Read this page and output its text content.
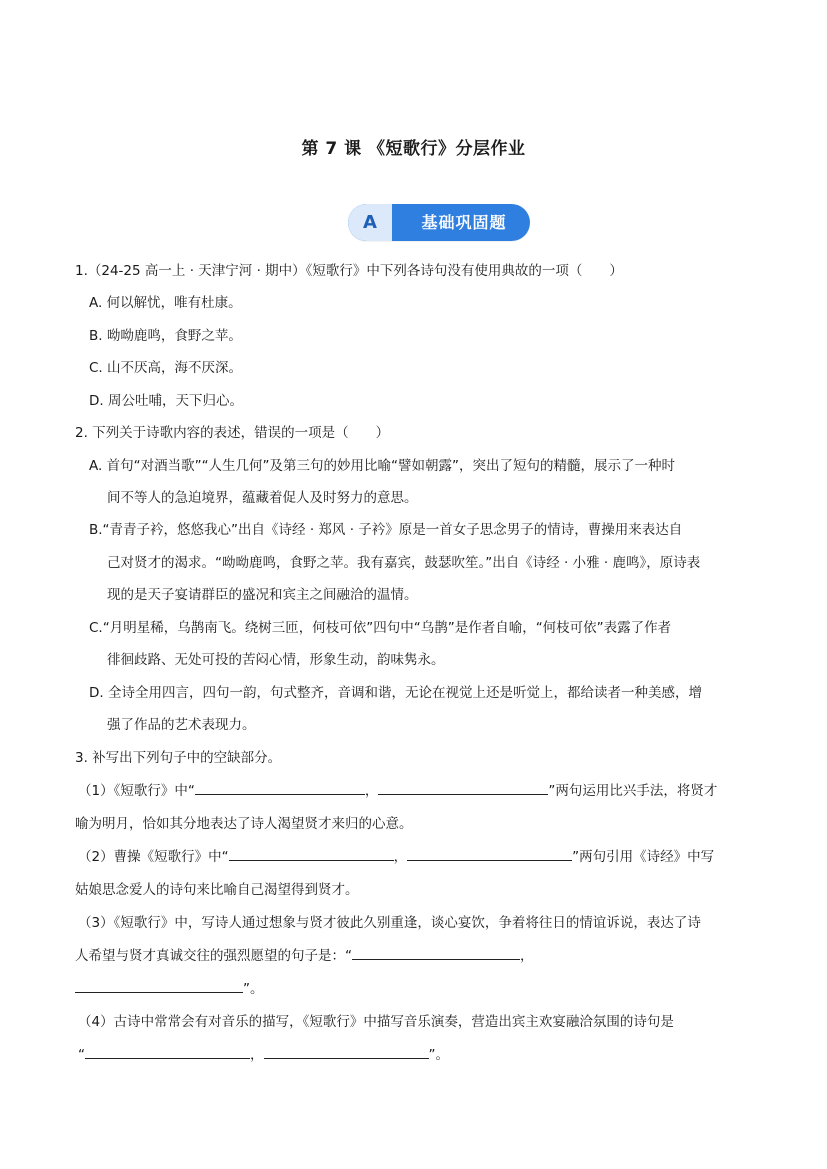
第 7 课 《短歌行》分层作业
A	基础巩固题
1.（24-25 高一上 · 天津宁河 · 期中）《短歌行》中下列各诗句没有使用典故的一项（　　）
A. 何以解忧，唯有杜康。
B. 呦呦鹿鸣，食野之苹。
C. 山不厌高，海不厌深。
D. 周公吐哺，天下归心。
2. 下列关于诗歌内容的表述，错误的一项是（　　）
A. 首句“对酒当歌”“人生几何”及第三句的妙用比喻“譬如朝露”，突出了短句的精髓，展示了一种时
间不等人的急迫境界，蕴藏着促人及时努力的意思。
B.“青青子衿，悠悠我心”出自《诗经 · 郑风 · 子衿》原是一首女子思念男子的情诗，曹操用来表达自
己对贤才的渴求。“呦呦鹿鸣，食野之苹。我有嘉宾，鼓瑟吹笙。”出自《诗经 · 小雅 · 鹿鸣》，原诗表
现的是天子宴请群臣的盛况和宾主之间融洽的温情。
C.“月明星稀，乌鹊南飞。绕树三匝，何枝可依”四句中“乌鹊”是作者自喻，“何枝可依”表露了作者
徘徊歧路、无处可投的苦闷心情，形象生动，韵味隽永。
D. 全诗全用四言，四句一韵，句式整齐，音调和谐，无论在视觉上还是听觉上，都给读者一种美感，增
强了作品的艺术表现力。
3. 补写出下列句子中的空缺部分。
（1）《短歌行》中“	，	”两句运用比兴手法，将贤才
喻为明月，恰如其分地表达了诗人渴望贤才来归的心意。
（2）曹操《短歌行》中“	，	”两句引用《诗经》中写
姑娘思念爱人的诗句来比喻自己渴望得到贤才。
（3）《短歌行》中，写诗人通过想象与贤才彼此久别重逢，谈心宴饮，争着将往日的情谊诉说，表达了诗
人希望与贤才真诚交往的强烈愿望的句子是：“	，
”。
（4）古诗中常常会有对音乐的描写，《短歌行》中描写音乐演奏，营造出宾主欢宴融洽氛围的诗句是
“	，	”。
